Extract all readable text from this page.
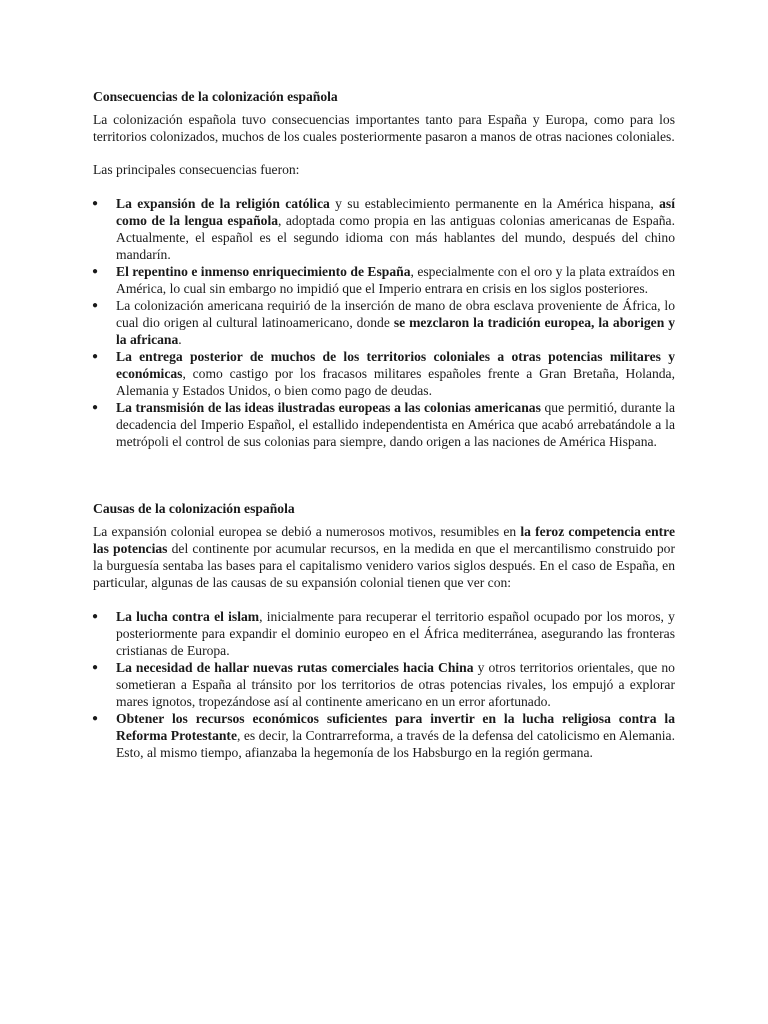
Consecuencias de la colonización española

La colonización española tuvo consecuencias importantes tanto para España y Europa, como para los territorios colonizados, muchos de los cuales posteriormente pasaron a manos de otras naciones coloniales.

Las principales consecuencias fueron:

● La expansión de la religión católica y su establecimiento permanente en la América hispana, así como de la lengua española, adoptada como propia en las antiguas colonias americanas de España. Actualmente, el español es el segundo idioma con más hablantes del mundo, después del chino mandarín.
● El repentino e inmenso enriquecimiento de España, especialmente con el oro y la plata extraídos en América, lo cual sin embargo no impidió que el Imperio entrara en crisis en los siglos posteriores.
● La colonización americana requirió de la inserción de mano de obra esclava proveniente de África, lo cual dio origen al cultural latinoamericano, donde se mezclaron la tradición europea, la aborigen y la africana.
● La entrega posterior de muchos de los territorios coloniales a otras potencias militares y económicas, como castigo por los fracasos militares españoles frente a Gran Bretaña, Holanda, Alemania y Estados Unidos, o bien como pago de deudas.
● La transmisión de las ideas ilustradas europeas a las colonias americanas que permitió, durante la decadencia del Imperio Español, el estallido independentista en América que acabó arrebatándole a la metrópoli el control de sus colonias para siempre, dando origen a las naciones de América Hispana.
Causas de la colonización española

La expansión colonial europea se debió a numerosos motivos, resumibles en la feroz competencia entre las potencias del continente por acumular recursos, en la medida en que el mercantilismo construido por la burguesía sentaba las bases para el capitalismo venidero varios siglos después. En el caso de España, en particular, algunas de las causas de su expansión colonial tienen que ver con:

● La lucha contra el islam, inicialmente para recuperar el territorio español ocupado por los moros, y posteriormente para expandir el dominio europeo en el África mediterránea, asegurando las fronteras cristianas de Europa.
● La necesidad de hallar nuevas rutas comerciales hacia China y otros territorios orientales, que no sometieran a España al tránsito por los territorios de otras potencias rivales, los empujó a explorar mares ignotos, tropezándose así al continente americano en un error afortunado.
● Obtener los recursos económicos suficientes para invertir en la lucha religiosa contra la Reforma Protestante, es decir, la Contrarreforma, a través de la defensa del catolicismo en Alemania. Esto, al mismo tiempo, afianzaba la hegemonía de los Habsburgo en la región germana.
